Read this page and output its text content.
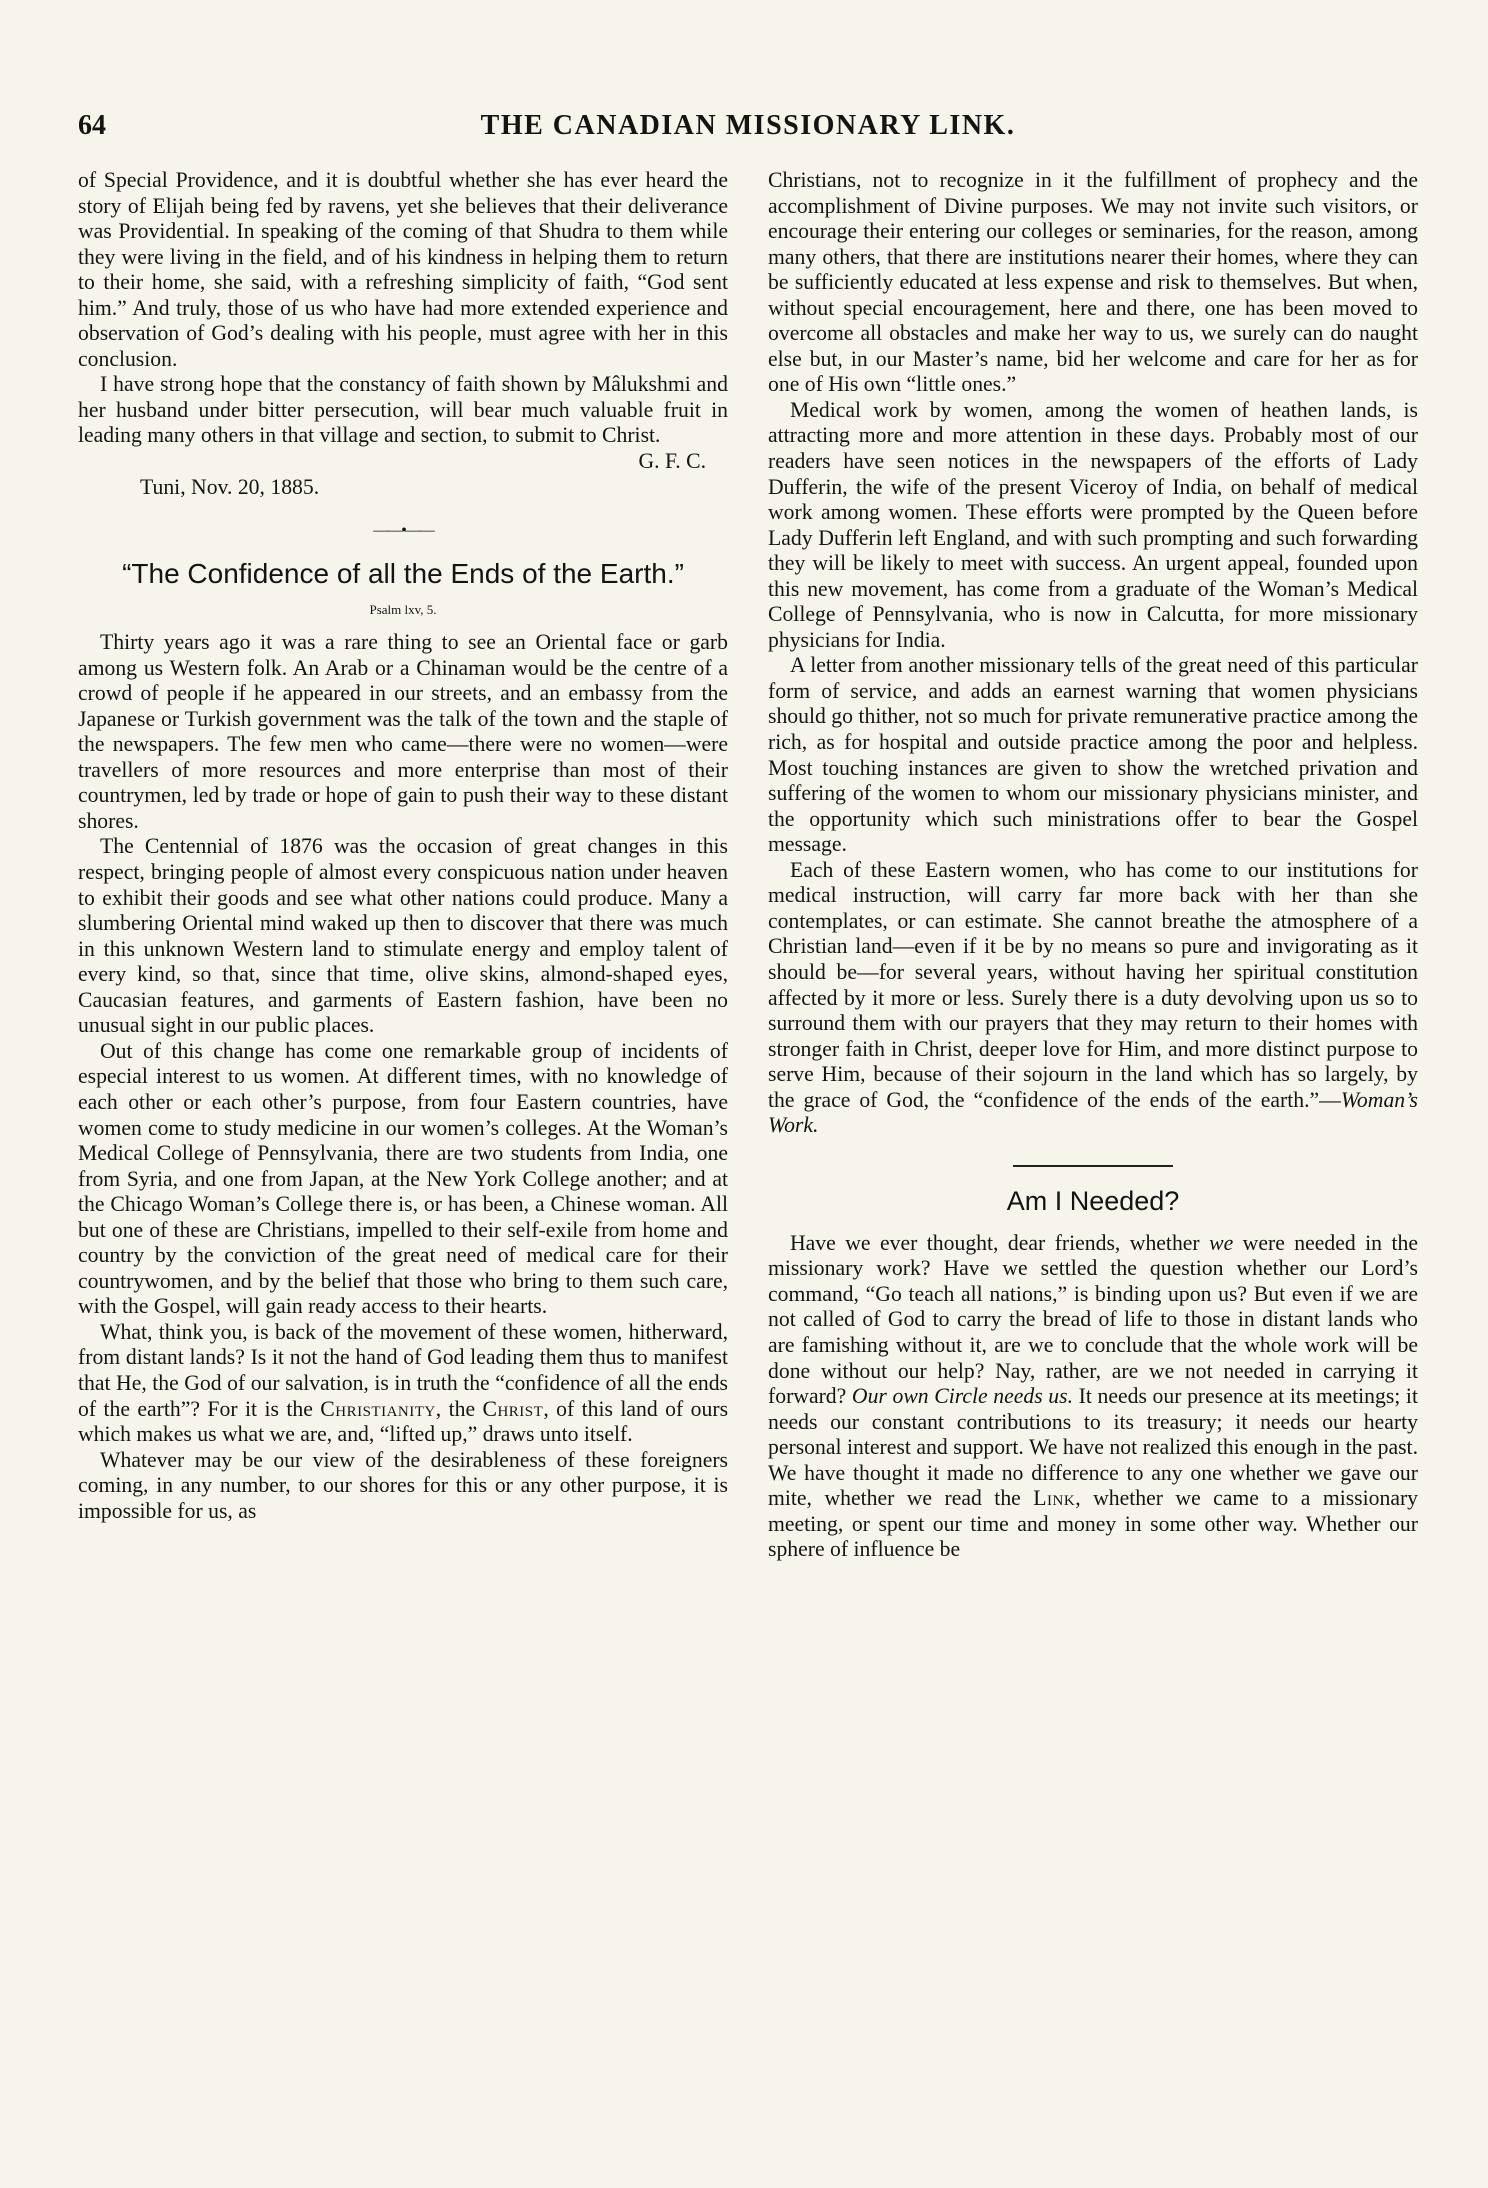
64	THE CANADIAN MISSIONARY LINK.

of Special Providence, and it is doubtful whether she has ever heard the story of Elijah being fed by ravens, yet she believes that their deliverance was Providential. In speaking of the coming of that Shudra to them while they were living in the field, and of his kindness in helping them to return to their home, she said, with a refreshing simplicity of faith, “God sent him.” And truly, those of us who have had more extended experience and observation of God’s dealing with his people, must agree with her in this conclusion.

I have strong hope that the constancy of faith shown by Mâlukshmi and her husband under bitter persecution, will bear much valuable fruit in leading many others in that village and section, to submit to Christ.

G. F. C.

Tuni, Nov. 20, 1885.

——•——
“The Confidence of all the Ends of the Earth.”
Psalm lxv, 5.

Thirty years ago it was a rare thing to see an Oriental face or garb among us Western folk. An Arab or a Chinaman would be the centre of a crowd of people if he appeared in our streets, and an embassy from the Japanese or Turkish government was the talk of the town and the staple of the newspapers. The few men who came—there were no women—were travellers of more resources and more enterprise than most of their countrymen, led by trade or hope of gain to push their way to these distant shores.

The Centennial of 1876 was the occasion of great changes in this respect, bringing people of almost every conspicuous nation under heaven to exhibit their goods and see what other nations could produce. Many a slumbering Oriental mind waked up then to discover that there was much in this unknown Western land to stimulate energy and employ talent of every kind, so that, since that time, olive skins, almond-shaped eyes, Caucasian features, and garments of Eastern fashion, have been no unusual sight in our public places.

Out of this change has come one remarkable group of incidents of especial interest to us women. At different times, with no knowledge of each other or each other’s purpose, from four Eastern countries, have women come to study medicine in our women’s colleges. At the Woman’s Medical College of Pennsylvania, there are two students from India, one from Syria, and one from Japan, at the New York College another; and at the Chicago Woman’s College there is, or has been, a Chinese woman. All but one of these are Christians, impelled to their self-exile from home and country by the conviction of the great need of medical care for their countrywomen, and by the belief that those who bring to them such care, with the Gospel, will gain ready access to their hearts.

What, think you, is back of the movement of these women, hitherward, from distant lands? Is it not the hand of God leading them thus to manifest that He, the God of our salvation, is in truth the “confidence of all the ends of the earth”? For it is the Christianity, the Christ, of this land of ours which makes us what we are, and, “lifted up,” draws unto itself.

Whatever may be our view of the desirableness of these foreigners coming, in any number, to our shores for this or any other purpose, it is impossible for us, as

Christians, not to recognize in it the fulfillment of prophecy and the accomplishment of Divine purposes. We may not invite such visitors, or encourage their entering our colleges or seminaries, for the reason, among many others, that there are institutions nearer their homes, where they can be sufficiently educated at less expense and risk to themselves. But when, without special encouragement, here and there, one has been moved to overcome all obstacles and make her way to us, we surely can do naught else but, in our Master’s name, bid her welcome and care for her as for one of His own “little ones.”

Medical work by women, among the women of heathen lands, is attracting more and more attention in these days. Probably most of our readers have seen notices in the newspapers of the efforts of Lady Dufferin, the wife of the present Viceroy of India, on behalf of medical work among women. These efforts were prompted by the Queen before Lady Dufferin left England, and with such prompting and such forwarding they will be likely to meet with success. An urgent appeal, founded upon this new movement, has come from a graduate of the Woman’s Medical College of Pennsylvania, who is now in Calcutta, for more missionary physicians for India.

A letter from another missionary tells of the great need of this particular form of service, and adds an earnest warning that women physicians should go thither, not so much for private remunerative practice among the rich, as for hospital and outside practice among the poor and helpless. Most touching instances are given to show the wretched privation and suffering of the women to whom our missionary physicians minister, and the opportunity which such ministrations offer to bear the Gospel message.

Each of these Eastern women, who has come to our institutions for medical instruction, will carry far more back with her than she contemplates, or can estimate. She cannot breathe the atmosphere of a Christian land—even if it be by no means so pure and invigorating as it should be—for several years, without having her spiritual constitution affected by it more or less. Surely there is a duty devolving upon us so to surround them with our prayers that they may return to their homes with stronger faith in Christ, deeper love for Him, and more distinct purpose to serve Him, because of their sojourn in the land which has so largely, by the grace of God, the “confidence of the ends of the earth.”—Woman’s Work.

Am I Needed?

Have we ever thought, dear friends, whether we were needed in the missionary work? Have we settled the question whether our Lord’s command, “Go teach all nations,” is binding upon us? But even if we are not called of God to carry the bread of life to those in distant lands who are famishing without it, are we to conclude that the whole work will be done without our help? Nay, rather, are we not needed in carrying it forward? Our own Circle needs us. It needs our presence at its meetings; it needs our constant contributions to its treasury; it needs our hearty personal interest and support. We have not realized this enough in the past. We have thought it made no difference to any one whether we gave our mite, whether we read the Link, whether we came to a missionary meeting, or spent our time and money in some other way. Whether our sphere of influence be
